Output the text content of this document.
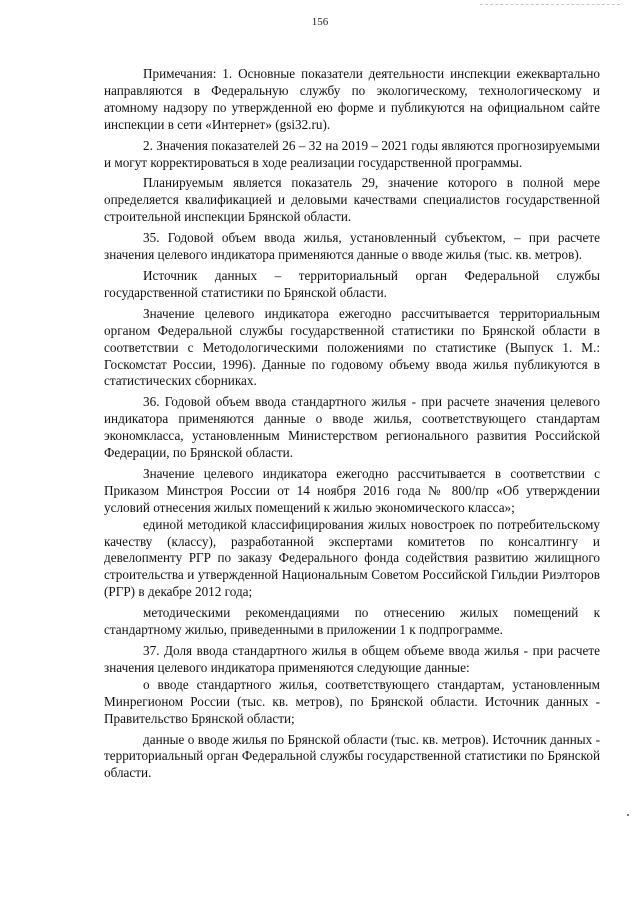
156

Примечания: 1. Основные показатели деятельности инспекции ежеквартально направляются в Федеральную службу по экологическому, технологическому и атомному надзору по утвержденной ею форме и публикуются на официальном сайте инспекции в сети «Интернет» (gsi32.ru).

2. Значения показателей 26 – 32 на 2019 – 2021 годы являются прогнозируемыми и могут корректироваться в ходе реализации государственной программы.

Планируемым является показатель 29, значение которого в полной мере определяется квалификацией и деловыми качествами специалистов государственной строительной инспекции Брянской области.

35. Годовой объем ввода жилья, установленный субъектом, – при расчете значения целевого индикатора применяются данные о вводе жилья (тыс. кв. метров).

Источник данных – территориальный орган Федеральной службы государственной статистики по Брянской области.

Значение целевого индикатора ежегодно рассчитывается территориальным органом Федеральной службы государственной статистики по Брянской области в соответствии с Методологическими положениями по статистике (Выпуск 1. М.: Госкомстат России, 1996). Данные по годовому объему ввода жилья публикуются в статистических сборниках.

36. Годовой объем ввода стандартного жилья - при расчете значения целевого индикатора применяются данные о вводе жилья, соответствующего стандартам экономкласса, установленным Министерством регионального развития Российской Федерации, по Брянской области.

Значение целевого индикатора ежегодно рассчитывается в соответствии с Приказом Минстроя России от 14 ноября 2016 года № 800/пр «Об утверждении условий отнесения жилых помещений к жилью экономического класса»;

единой методикой классифицирования жилых новостроек по потребительскому качеству (классу), разработанной экспертами комитетов по консалтингу и девелопменту РГР по заказу Федерального фонда содействия развитию жилищного строительства и утвержденной Национальным Советом Российской Гильдии Риэлторов (РГР) в декабре 2012 года;

методическими рекомендациями по отнесению жилых помещений к стандартному жилью, приведенными в приложении 1 к подпрограмме.

37. Доля ввода стандартного жилья в общем объеме ввода жилья - при расчете значения целевого индикатора применяются следующие данные:

о вводе стандартного жилья, соответствующего стандартам, установленным Минрегионом России (тыс. кв. метров), по Брянской области. Источник данных - Правительство Брянской области;

данные о вводе жилья по Брянской области (тыс. кв. метров). Источник данных - территориальный орган Федеральной службы государственной статистики по Брянской области.
